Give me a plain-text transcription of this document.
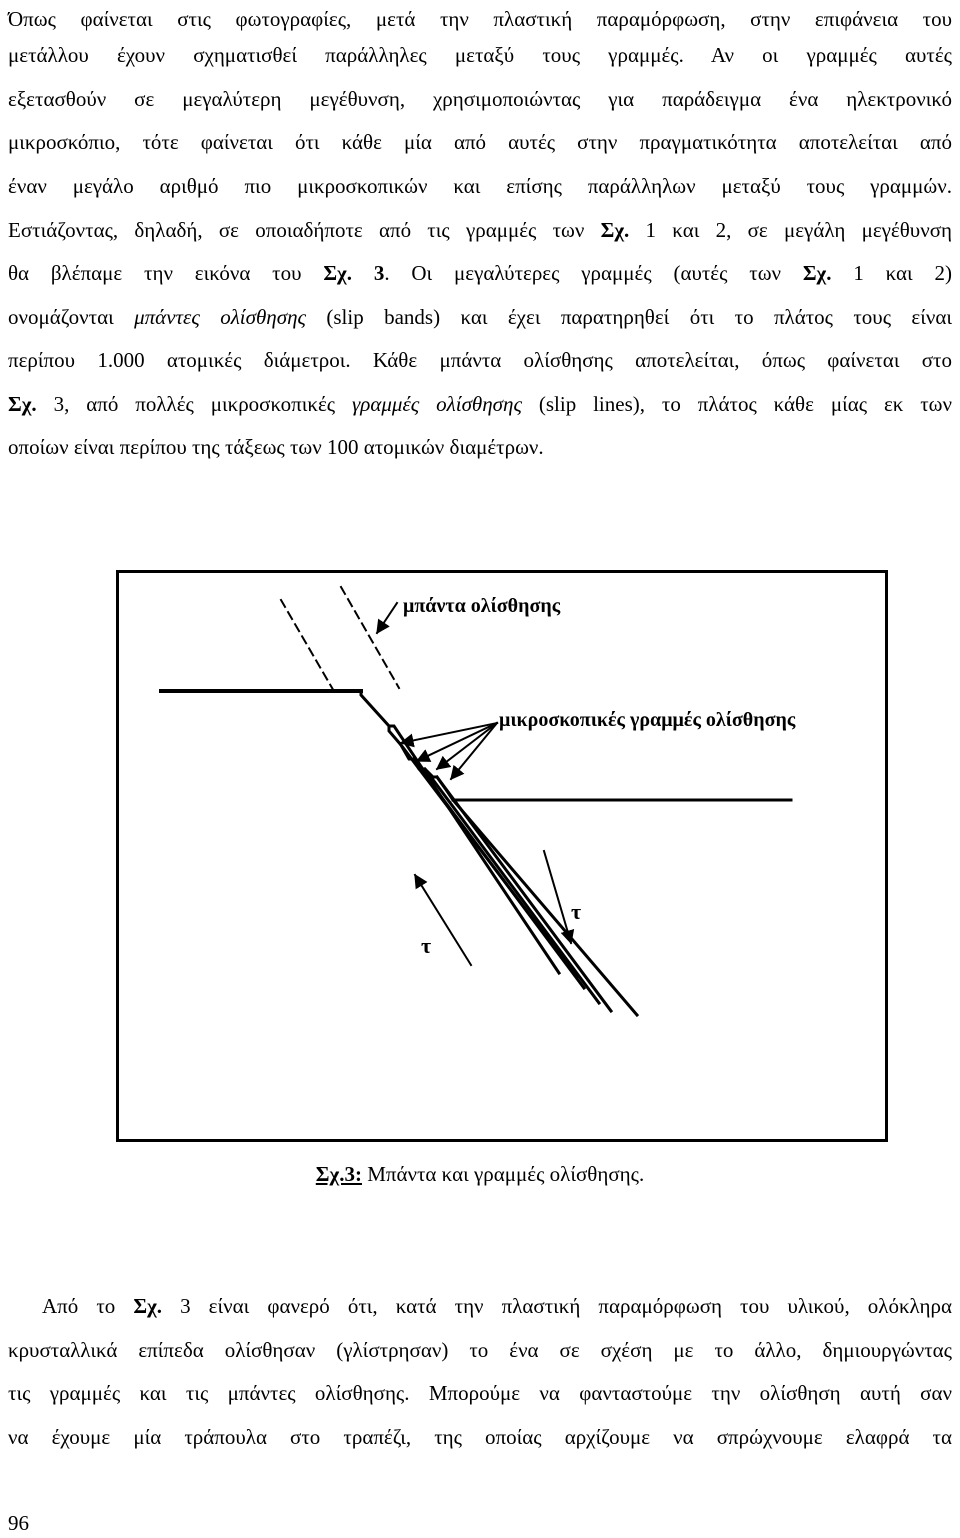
Όπως φαίνεται στις φωτογραφίες, μετά την πλαστική παραμόρφωση, στην επιφάνεια του
μετάλλου έχουν σχηματισθεί παράλληλες μεταξύ τους γραμμές. Αν οι γραμμές αυτές
εξετασθούν σε μεγαλύτερη μεγέθυνση, χρησιμοποιώντας για παράδειγμα ένα ηλεκτρονικό
μικροσκόπιο, τότε φαίνεται ότι κάθε μία από αυτές στην πραγματικότητα αποτελείται από
έναν μεγάλο αριθμό πιο μικροσκοπικών και επίσης παράλληλων μεταξύ τους γραμμών.
Εστιάζοντας, δηλαδή, σε οποιαδήποτε από τις γραμμές των Σχ. 1 και 2, σε μεγάλη μεγέθυνση
θα βλέπαμε την εικόνα του Σχ. 3. Οι μεγαλύτερες γραμμές (αυτές των Σχ. 1 και 2)
ονομάζονται μπάντες ολίσθησης (slip bands) και έχει παρατηρηθεί ότι το πλάτος τους είναι
περίπου 1.000 ατομικές διάμετροι. Κάθε μπάντα ολίσθησης αποτελείται, όπως φαίνεται στο
Σχ. 3, από πολλές μικροσκοπικές γραμμές ολίσθησης (slip lines), το πλάτος κάθε μίας εκ των
οποίων είναι περίπου της τάξεως των 100 ατομικών διαμέτρων.
μπάντα ολίσθησης
μικροσκοπικές γραμμές ολίσθησης
τ
τ
Σχ.3: Μπάντα και γραμμές ολίσθησης.
Από το Σχ. 3 είναι φανερό ότι, κατά την πλαστική παραμόρφωση του υλικού, ολόκληρα
κρυσταλλικά επίπεδα ολίσθησαν (γλίστρησαν) το ένα σε σχέση με το άλλο, δημιουργώντας
τις γραμμές και τις μπάντες ολίσθησης. Μπορούμε να φανταστούμε την ολίσθηση αυτή σαν
να έχουμε μία τράπουλα στο τραπέζι, της οποίας αρχίζουμε να σπρώχνουμε ελαφρά τα
96
